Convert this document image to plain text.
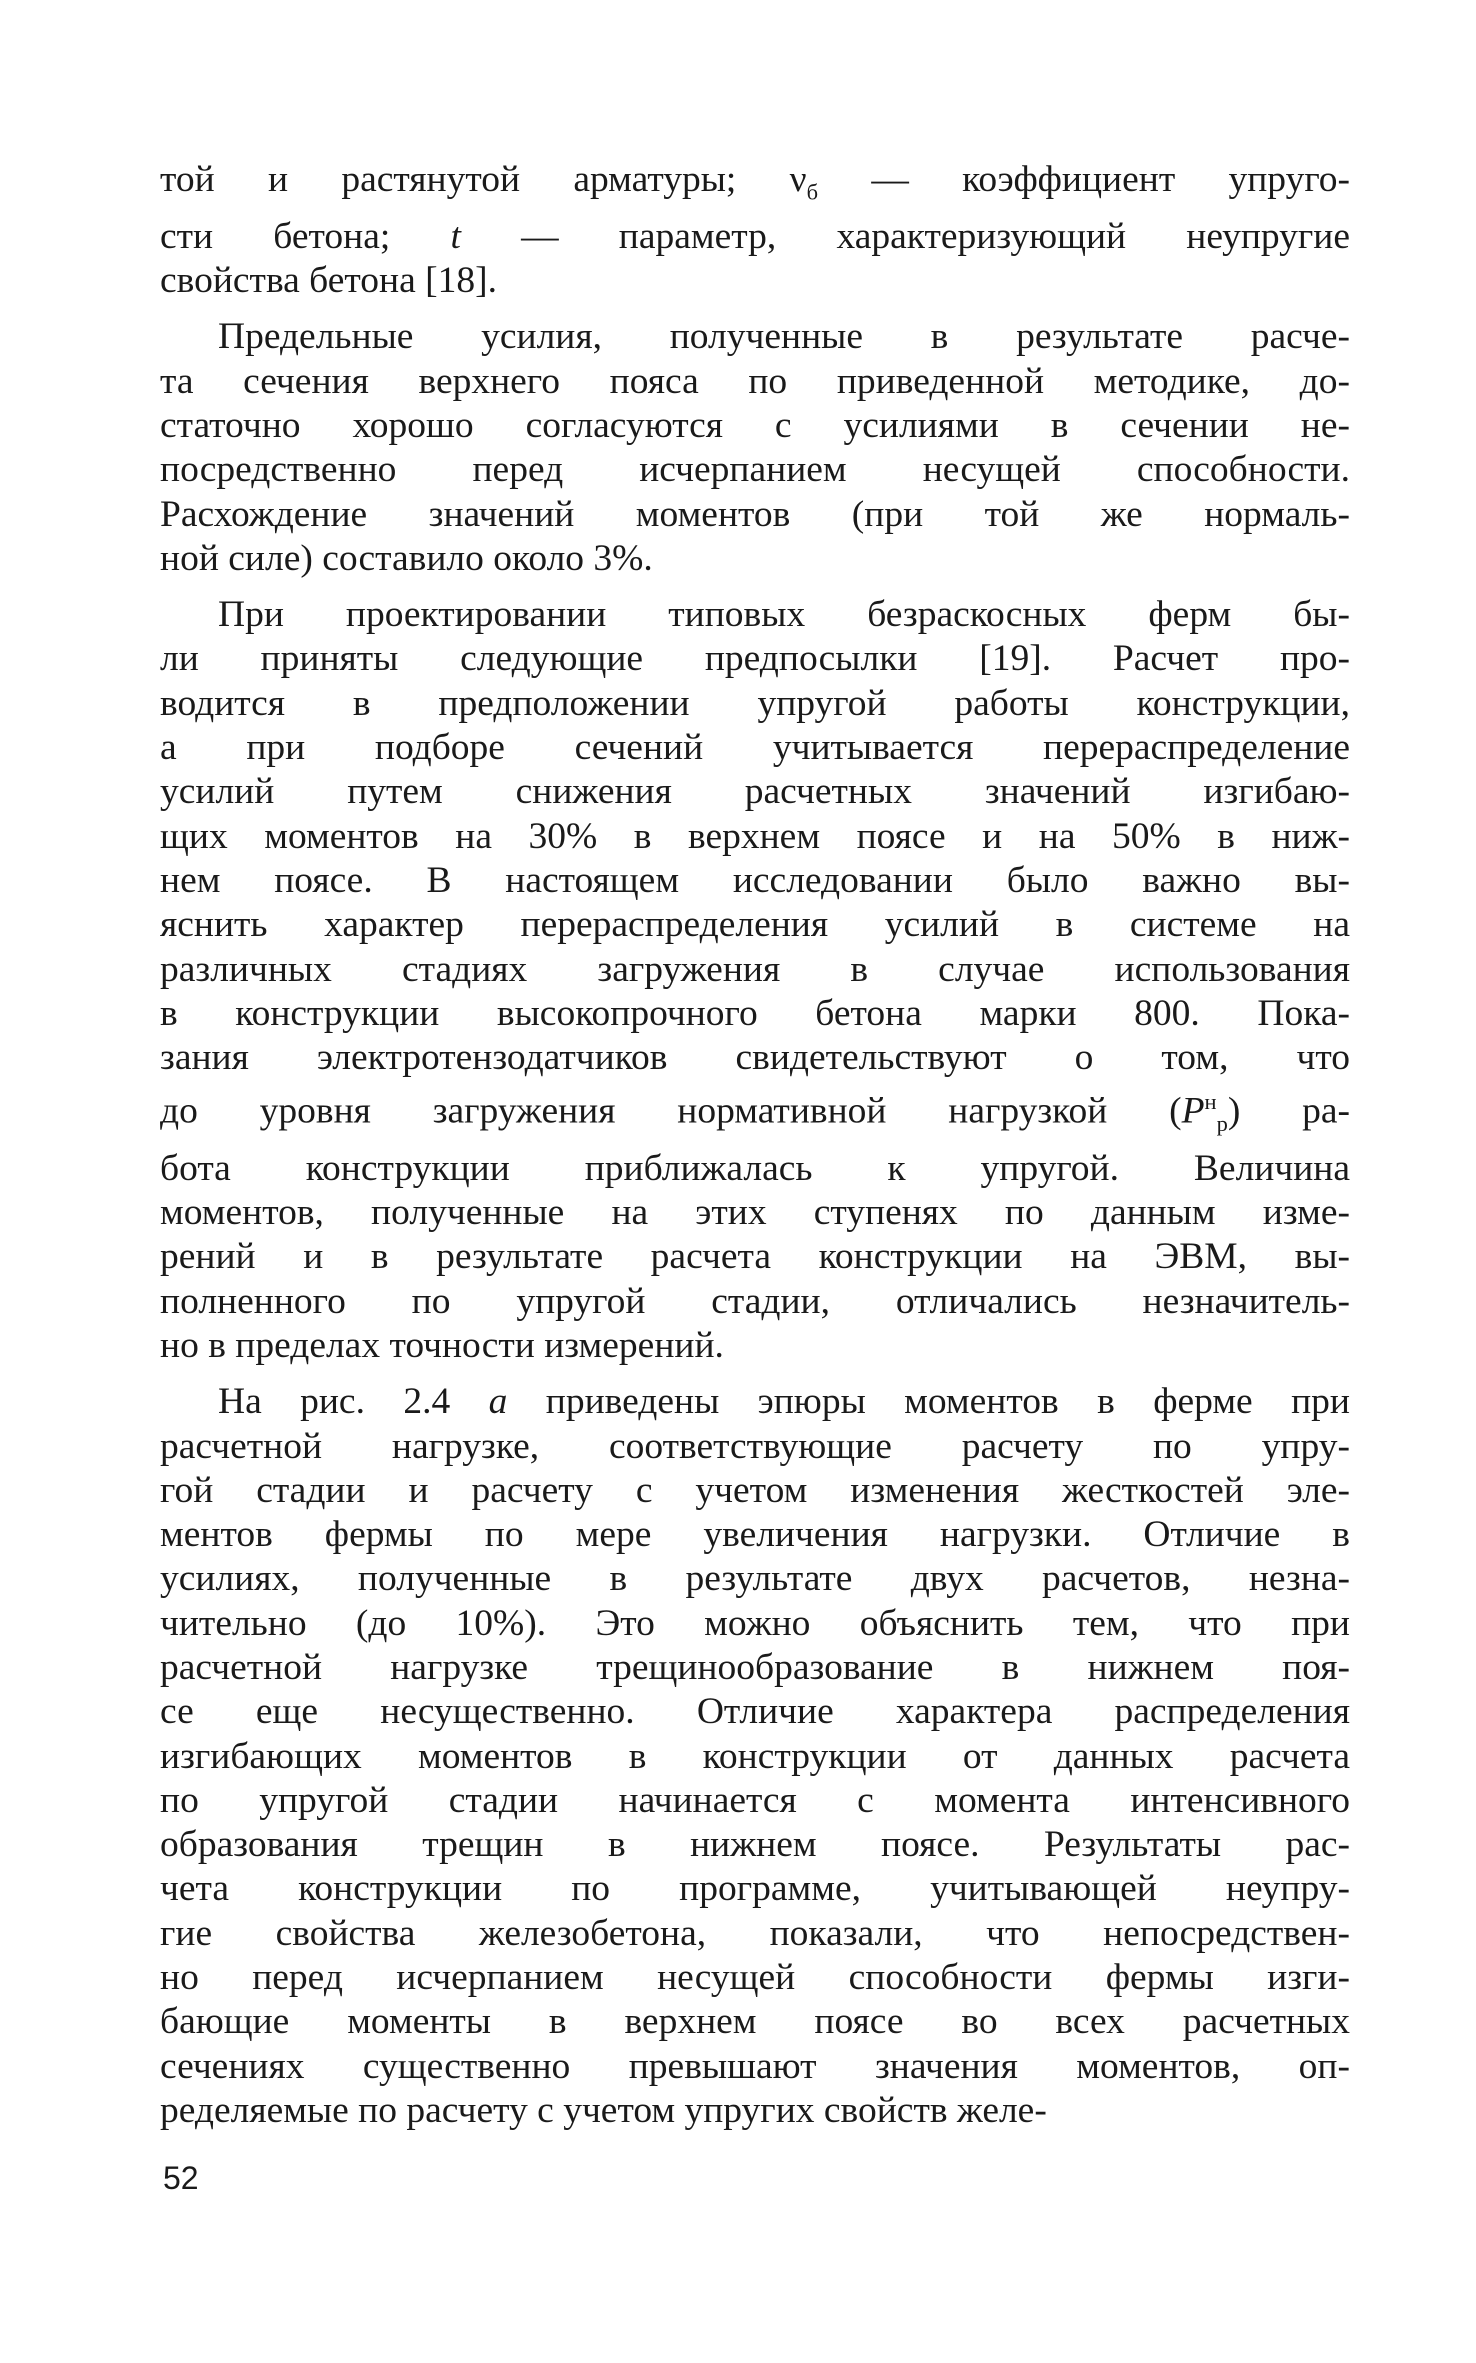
той и растянутой арматуры; $\nu_б$ — коэффициент упруго-
сти бетона; t — параметр, характеризующий неупругие
свойства бетона [18].
Предельные усилия, полученные в результате расче-
та сечения верхнего пояса по приведенной методике, до-
статочно хорошо согласуются с усилиями в сечении не-
посредственно перед исчерпанием несущей способности.
Расхождение значений моментов (при той же нормаль-
ной силе) составило около 3%.
При проектировании типовых безраскосных ферм бы-
ли приняты следующие предпосылки [19]. Расчет про-
водится в предположении упругой работы конструкции,
а при подборе сечений учитывается перераспределение
усилий путем снижения расчетных значений изгибаю-
щих моментов на 30% в верхнем поясе и на 50% в ниж-
нем поясе. В настоящем исследовании было важно вы-
яснить характер перераспределения усилий в системе на
различных стадиях загружения в случае использования
в конструкции высокопрочного бетона марки 800. Пока-
зания электротензодатчиков свидетельствуют о том, что
до уровня загружения нормативной нагрузкой $(P^н_р)$ ра-
бота конструкции приближалась к упругой. Величина
моментов, полученные на этих ступенях по данным изме-
рений и в результате расчета конструкции на ЭВМ, вы-
полненного по упругой стадии, отличались незначитель-
но в пределах точности измерений.
На рис. 2.4 а приведены эпюры моментов в ферме при
расчетной нагрузке, соответствующие расчету по упру-
гой стадии и расчету с учетом изменения жесткостей эле-
ментов фермы по мере увеличения нагрузки. Отличие в
усилиях, полученные в результате двух расчетов, незна-
чительно (до 10%). Это можно объяснить тем, что при
расчетной нагрузке трещинообразование в нижнем поя-
се еще несущественно. Отличие характера распределения
изгибающих моментов в конструкции от данных расчета
по упругой стадии начинается с момента интенсивного
образования трещин в нижнем поясе. Результаты рас-
чета конструкции по программе, учитывающей неупру-
гие свойства железобетона, показали, что непосредствен-
но перед исчерпанием несущей способности фермы изги-
бающие моменты в верхнем поясе во всех расчетных
сечениях существенно превышают значения моментов, оп-
ределяемые по расчету с учетом упругих свойств желе-
52
